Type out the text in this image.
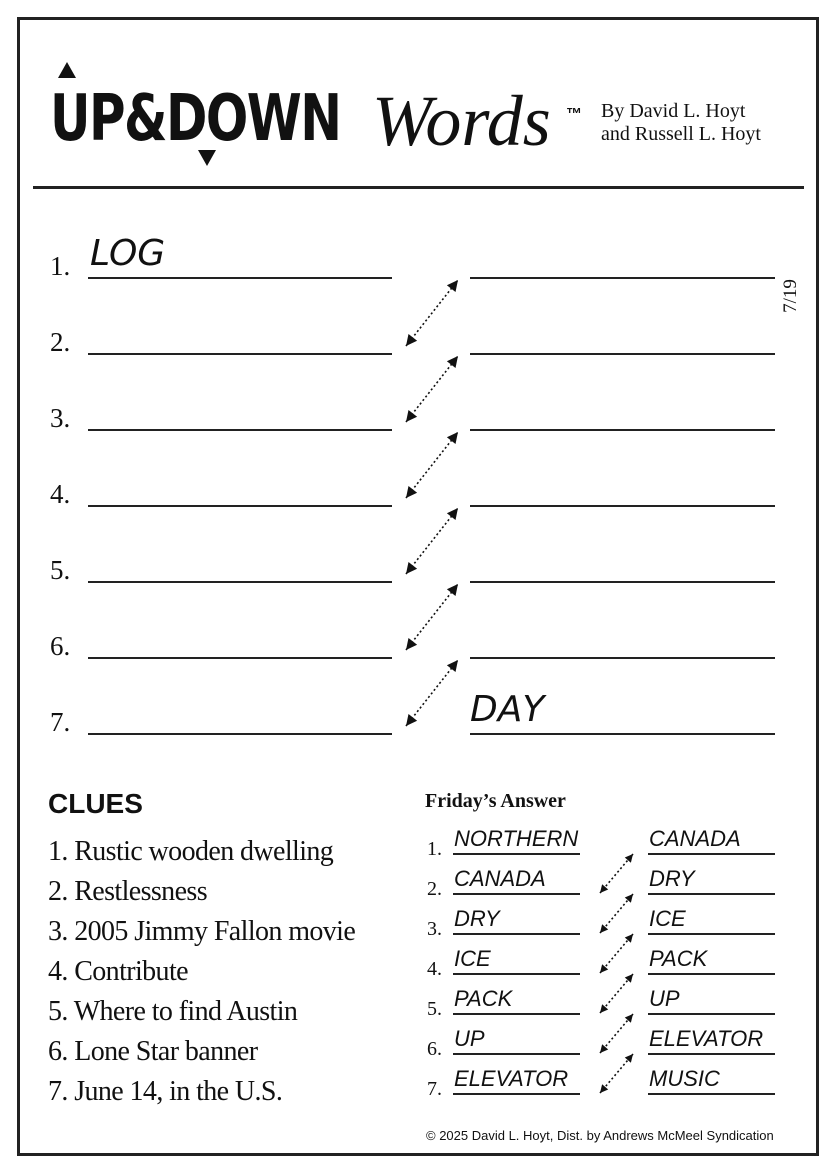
UP&DOWN Words ™ By David L. Hoyt
and Russell L. Hoyt
7/19
1. LOG
2.
3.
4.
5.
6.
7.	DAY
CLUES
1. Rustic wooden dwelling
2. Restlessness
3. 2005 Jimmy Fallon movie
4. Contribute
5. Where to find Austin
6. Lone Star banner
7. June 14, in the U.S.
Friday’s Answer
1. NORTHERN	CANADA
2. CANADA	DRY
3. DRY	ICE
4. ICE	PACK
5. PACK	UP
6. UP	ELEVATOR
7. ELEVATOR	MUSIC
© 2025 David L. Hoyt, Dist. by Andrews McMeel Syndication
